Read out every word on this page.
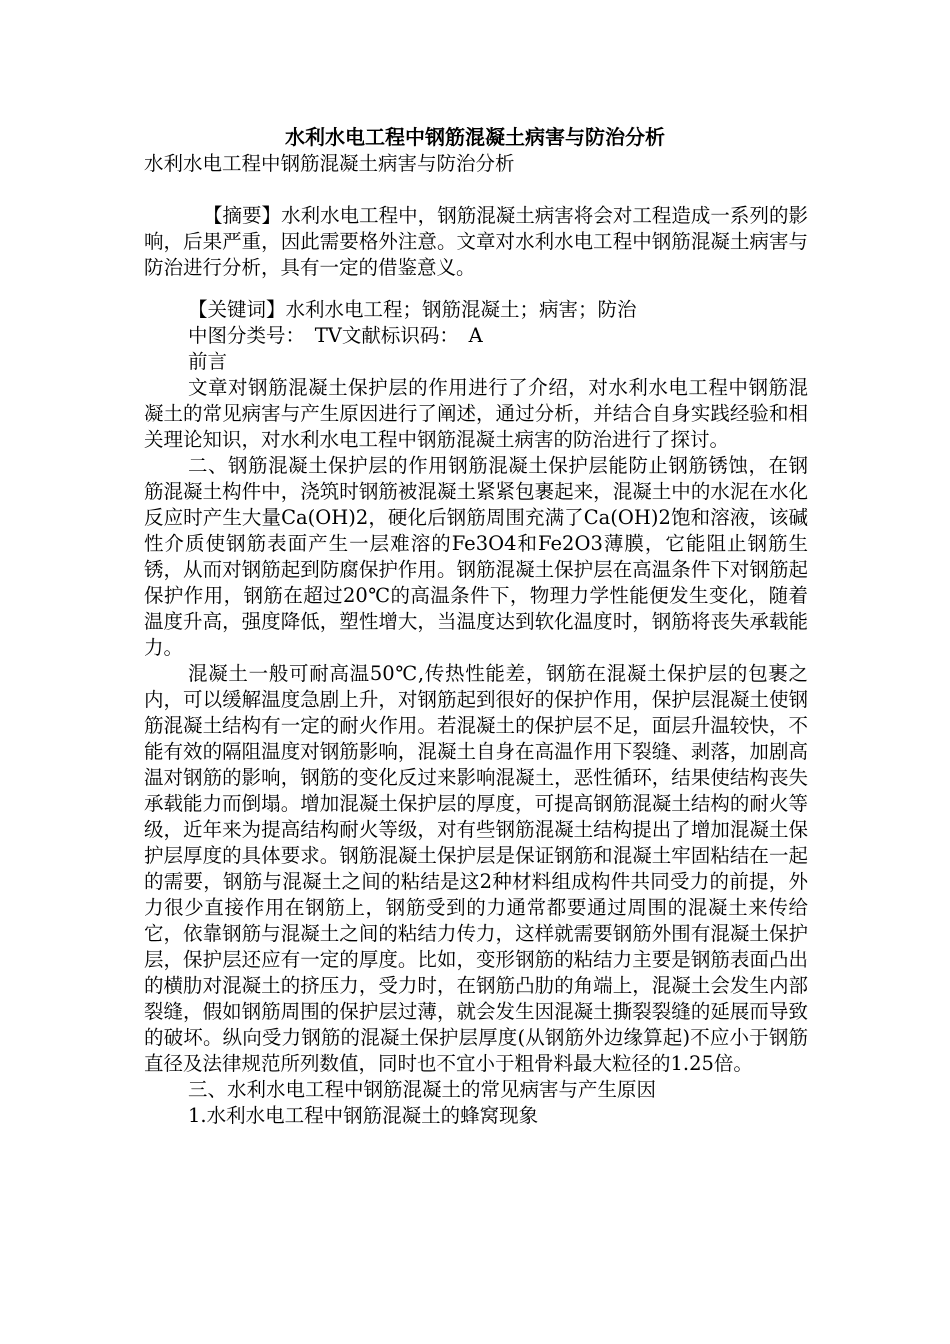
水利水电工程中钢筋混凝土病害与防治分析
水利水电工程中钢筋混凝土病害与防治分析

【摘要】水利水电工程中，钢筋混凝土病害将会对工程造成一系列的影响，后果严重，因此需要格外注意。文章对水利水电工程中钢筋混凝土病害与防治进行分析，具有一定的借鉴意义。

【关键词】水利水电工程；钢筋混凝土；病害；防治

中图分类号：　TV文献标识码：　A

前言

文章对钢筋混凝土保护层的作用进行了介绍，对水利水电工程中钢筋混凝土的常见病害与产生原因进行了阐述，通过分析，并结合自身实践经验和相关理论知识，对水利水电工程中钢筋混凝土病害的防治进行了探讨。

二、钢筋混凝土保护层的作用钢筋混凝土保护层能防止钢筋锈蚀，在钢筋混凝土构件中，浇筑时钢筋被混凝土紧紧包裹起来，混凝土中的水泥在水化反应时产生大量Ca(OH)2，硬化后钢筋周围充满了Ca(OH)2饱和溶液，该碱性介质使钢筋表面产生一层难溶的Fe3O4和Fe2O3薄膜，它能阻止钢筋生锈，从而对钢筋起到防腐保护作用。钢筋混凝土保护层在高温条件下对钢筋起保护作用，钢筋在超过20℃的高温条件下，物理力学性能便发生变化，随着温度升高，强度降低，塑性增大，当温度达到软化温度时，钢筋将丧失承载能力。

混凝土一般可耐高温50℃,传热性能差，钢筋在混凝土保护层的包裹之内，可以缓解温度急剧上升，对钢筋起到很好的保护作用，保护层混凝土使钢筋混凝土结构有一定的耐火作用。若混凝土的保护层不足，面层升温较快，不能有效的隔阻温度对钢筋影响，混凝土自身在高温作用下裂缝、剥落，加剧高温对钢筋的影响，钢筋的变化反过来影响混凝土，恶性循环，结果使结构丧失承载能力而倒塌。增加混凝土保护层的厚度，可提高钢筋混凝土结构的耐火等级，近年来为提高结构耐火等级，对有些钢筋混凝土结构提出了增加混凝土保护层厚度的具体要求。钢筋混凝土保护层是保证钢筋和混凝土牢固粘结在一起的需要，钢筋与混凝土之间的粘结是这2种材料组成构件共同受力的前提，外力很少直接作用在钢筋上，钢筋受到的力通常都要通过周围的混凝土来传给它，依靠钢筋与混凝土之间的粘结力传力，这样就需要钢筋外围有混凝土保护层，保护层还应有一定的厚度。比如，变形钢筋的粘结力主要是钢筋表面凸出的横肋对混凝土的挤压力，受力时，在钢筋凸肋的角端上，混凝土会发生内部裂缝，假如钢筋周围的保护层过薄，就会发生因混凝土撕裂裂缝的延展而导致的破坏。纵向受力钢筋的混凝土保护层厚度(从钢筋外边缘算起)不应小于钢筋直径及法律规范所列数值，同时也不宜小于粗骨料最大粒径的1.25倍。

三、水利水电工程中钢筋混凝土的常见病害与产生原因

1.水利水电工程中钢筋混凝土的蜂窝现象
